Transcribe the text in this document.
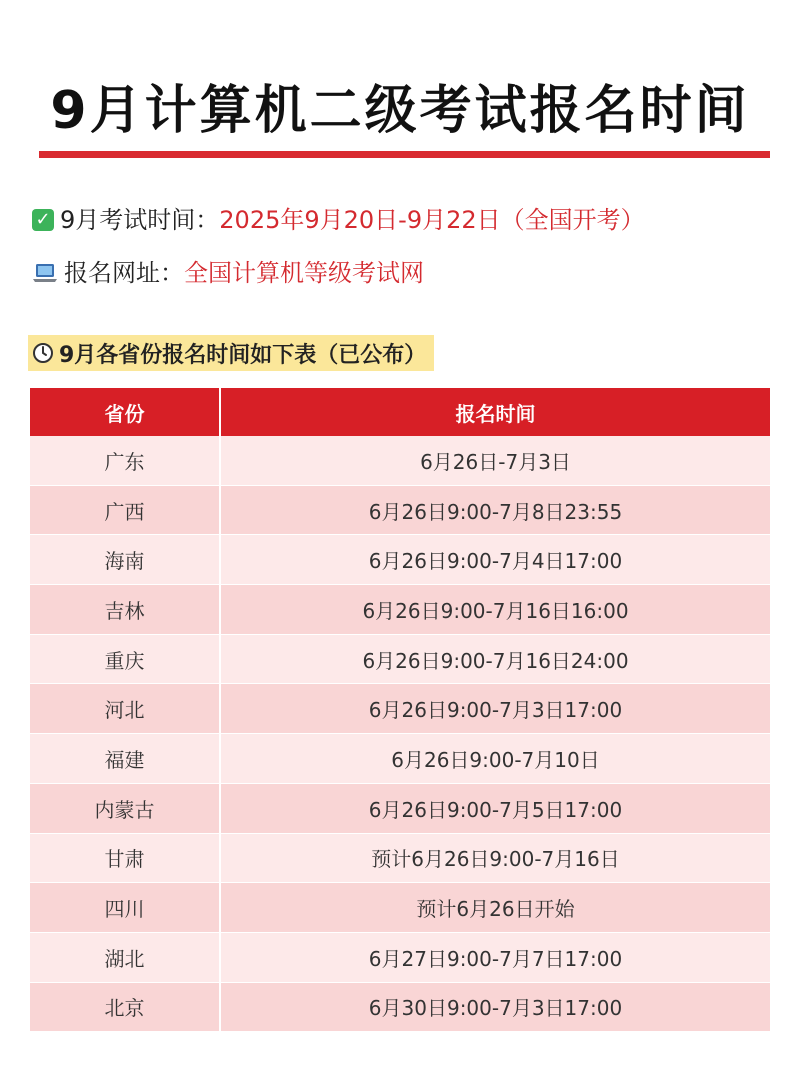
9月计算机二级考试报名时间
✓ 9月考试时间： 2025年9月20日-9月22日（全国开考）
报名网址： 全国计算机等级考试网
9月各省份报名时间如下表（已公布）
省份	报名时间
广东	6月26日-7月3日
广西	6月26日9:00-7月8日23:55
海南	6月26日9:00-7月4日17:00
吉林	6月26日9:00-7月16日16:00
重庆	6月26日9:00-7月16日24:00
河北	6月26日9:00-7月3日17:00
福建	6月26日9:00-7月10日
内蒙古	6月26日9:00-7月5日17:00
甘肃	预计6月26日9:00-7月16日
四川	预计6月26日开始
湖北	6月27日9:00-7月7日17:00
北京	6月30日9:00-7月3日17:00
